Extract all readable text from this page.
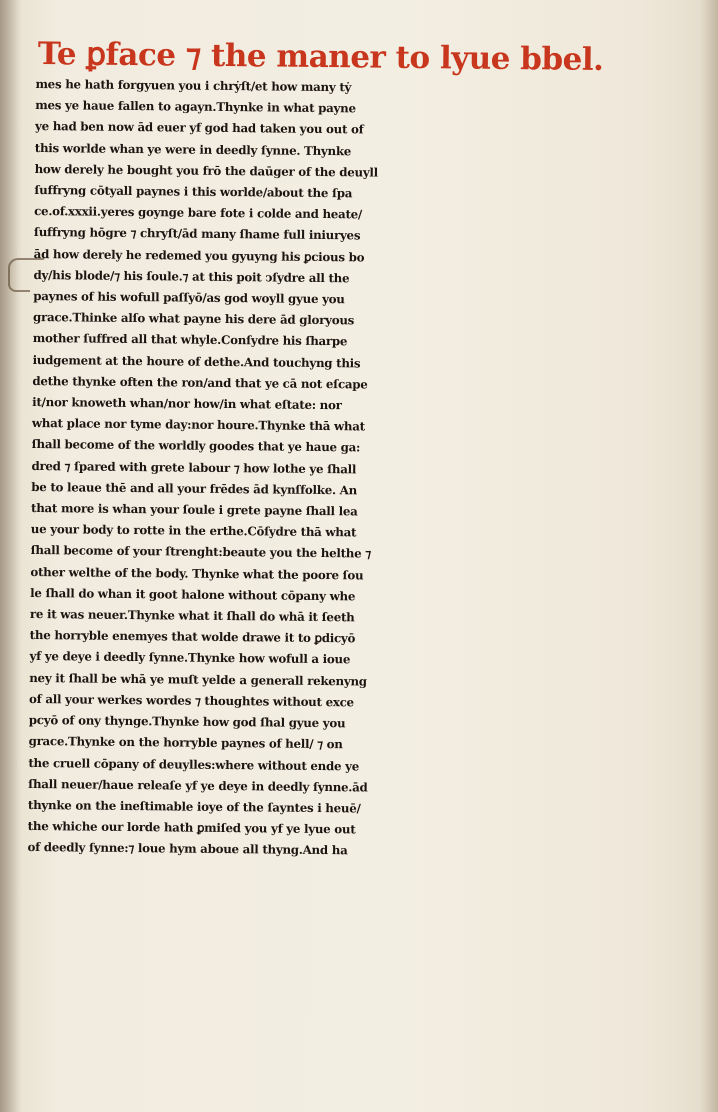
Te ꝑface ⁊ the maner to lyue bbel.
mes he hath forgyuen you i chrẏſt/et how many tẏ
mes ye haue fallen to agayn.Thynke in what payne
ye had ben now ād euer yf god had taken you out of
this worlde whan ye were in deedly ſynne. Thynke
how derely he bought you frō the daūger of the deuyll
ſuffryng cōtyall paynes i this worlde/about the ſpa
ce.of.xxxii.yeres goynge bare fote i colde and heate/
ſuffryng hōgre ⁊ chryſt/ād many ſhame full iniuryes
ād how derely he redemed you gyuyng his ꝑcious bo
dy/his blode/⁊ his ſoule.⁊ at this poit ↄſydre all the
paynes of his wofull paſſyō/as god woyll gyue you
grace.Thinke alſo what payne his dere ād gloryous
mother ſuffred all that whyle.Conſydre his ſharpe
iudgement at the houre of dethe.And touchyng this
dethe thynke often the ron/and that ye cā not eſcape
it/nor knoweth whan/nor how/in what eſtate: nor
what place nor tyme day:nor houre.Thynke thā what
ſhall become of the worldly goodes that ye haue ga:
dred ⁊ ſpared with grete labour ⁊ how lothe ye ſhall
be to leaue thē and all your frēdes ād kynſfolke. An
that more is whan your ſoule i grete payne ſhall lea
ue your body to rotte in the erthe.Cōſydre thā what
ſhall become of your ſtrenght:beaute you the helthe ⁊
other welthe of the body. Thynke what the poore ſou
le ſhall do whan it goot halone without cōpany whe
re it was neuer.Thynke what it ſhall do whā it ſeeth
the horryble enemyes that wolde drawe it to ꝑdicyō
yf ye deye i deedly ſynne.Thynke how wofull a ioue
ney it ſhall be whā ye muſt yelde a generall rekenyng
of all your werkes wordes ⁊ thoughtes without exce
pcyō of ony thynge.Thynke how god ſhal gyue you
grace.Thynke on the horryble paynes of hell/ ⁊ on
the cruell cōpany of deuylles:where without ende ye
ſhall neuer/haue releaſe yf ye deye in deedly ſynne.ād
thynke on the ineſtimable ioye of the ſayntes i heuē/
the whiche our lorde hath ꝑmiſed you yf ye lyue out
of deedly ſynne:⁊ loue hym aboue all thyng.And ha
